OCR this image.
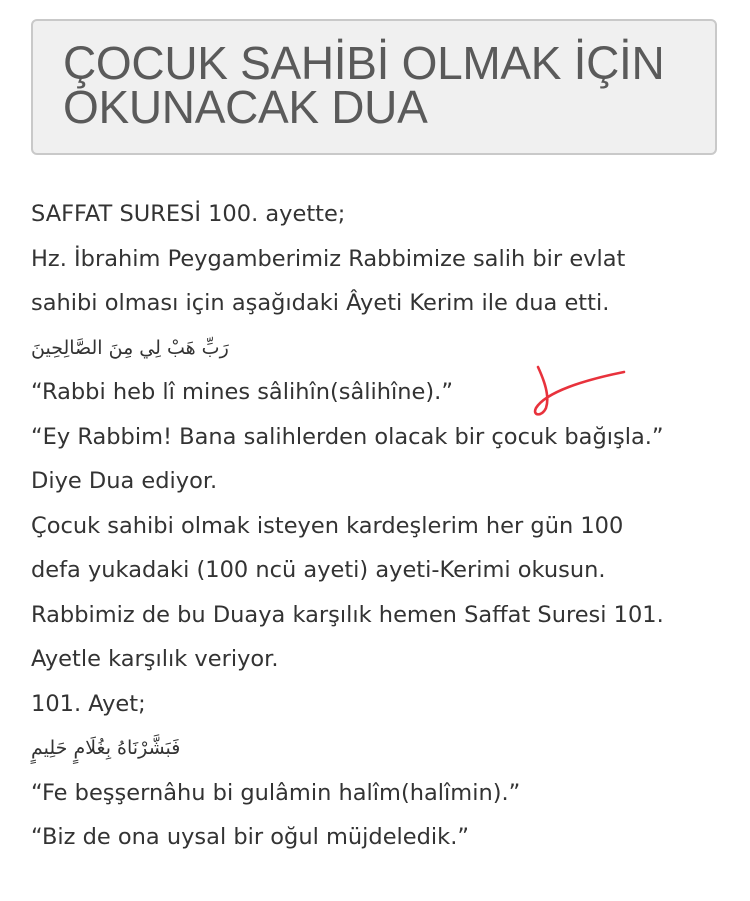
ÇOCUK SAHİBİ OLMAK İÇİN OKUNACAK DUA
SAFFAT SURESİ 100. ayette;
Hz. İbrahim Peygamberimiz Rabbimize salih bir evlat
sahibi olması için aşağıdaki Âyeti Kerim ile dua etti.
رَبِّ هَبْ لِي مِنَ الصَّالِحِينَ
“Rabbi heb lî mines sâlihîn(sâlihîne).”
“Ey Rabbim! Bana salihlerden olacak bir çocuk bağışla.”
Diye Dua ediyor.
Çocuk sahibi olmak isteyen kardeşlerim her gün 100
defa yukadaki (100 ncü ayeti) ayeti-Kerimi okusun.
Rabbimiz de bu Duaya karşılık hemen Saffat Suresi 101.
Ayetle karşılık veriyor.
101. Ayet;
فَبَشَّرْنَاهُ بِغُلَامٍ حَلِيمٍ
“Fe beşşernâhu bi gulâmin halîm(halîmin).”
“Biz de ona uysal bir oğul müjdeledik.”
